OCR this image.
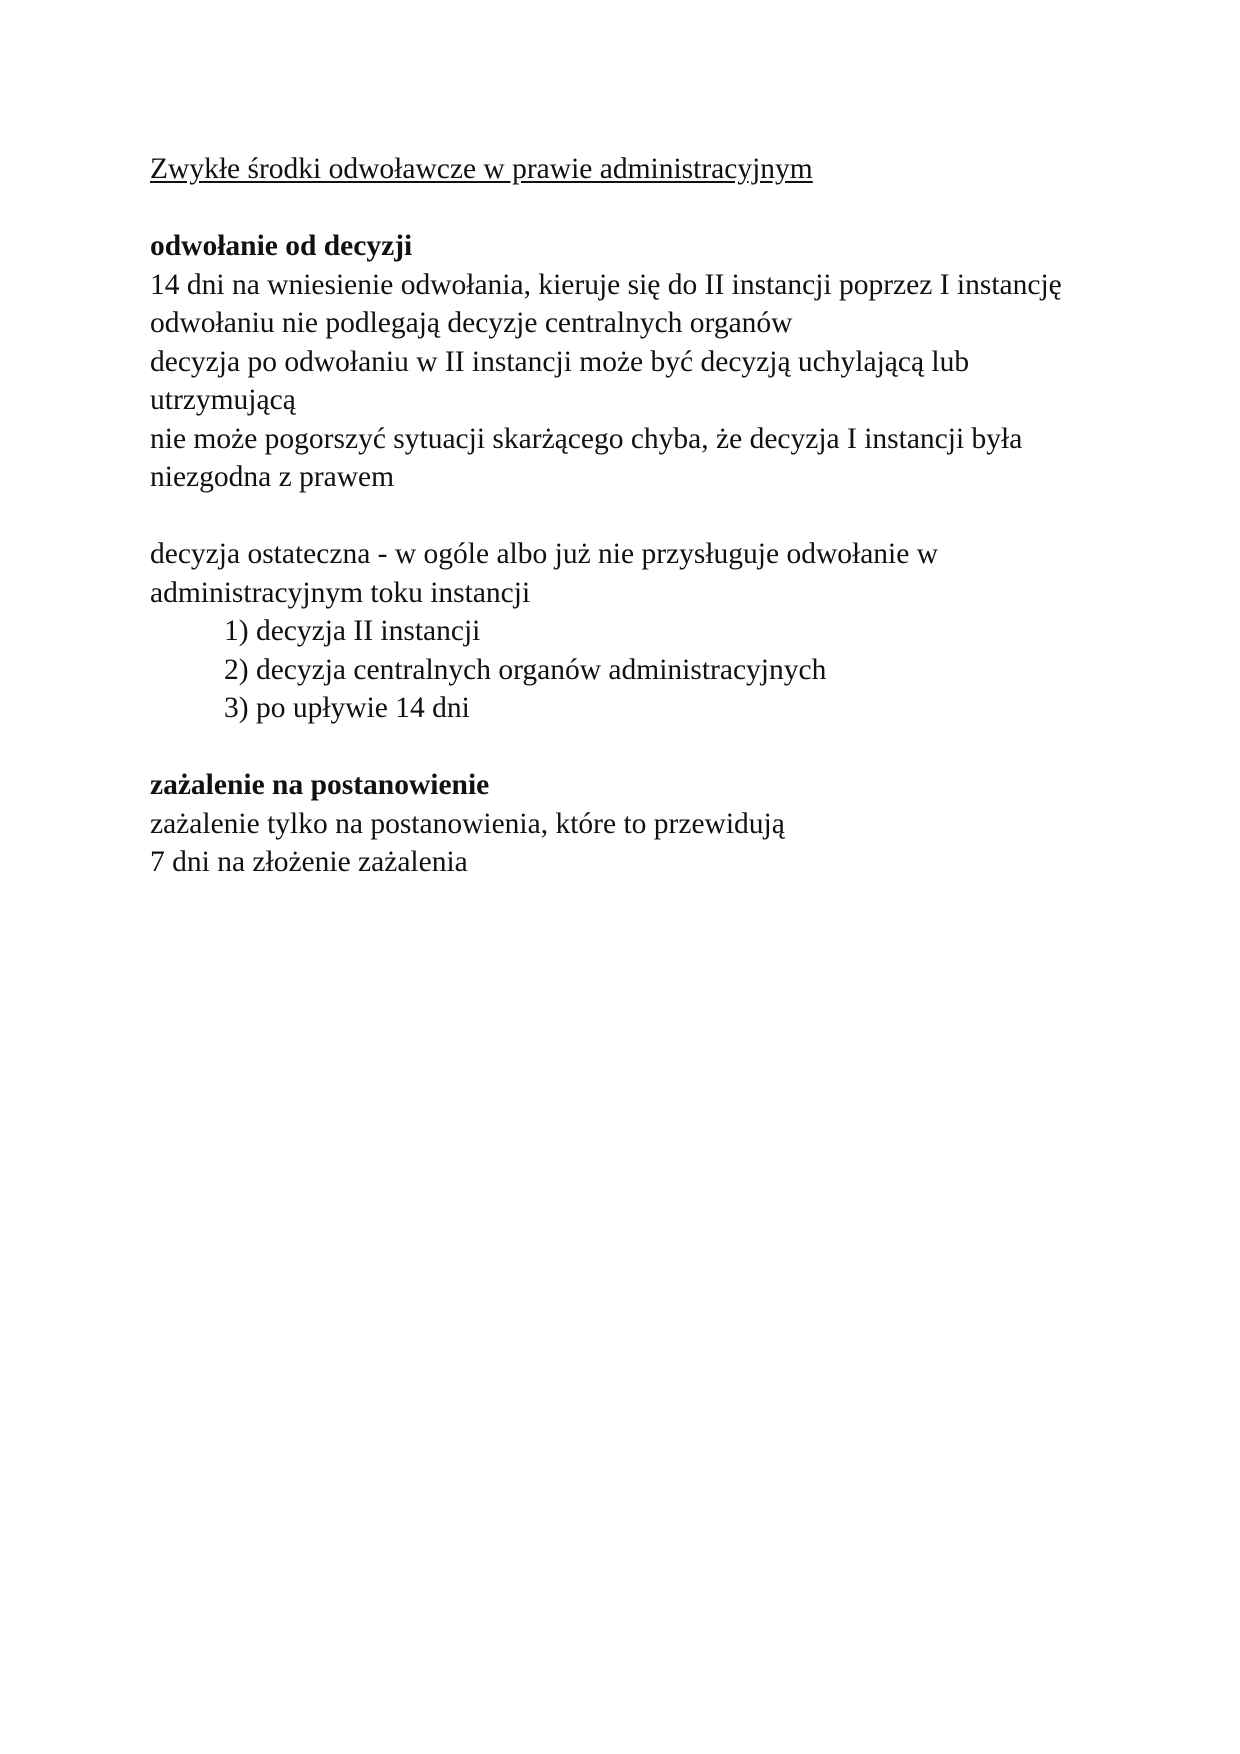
Zwykłe środki odwoławcze w prawie administracyjnym
odwołanie od decyzji

14 dni na wniesienie odwołania, kieruje się do II instancji poprzez I instancję

odwołaniu nie podlegają decyzje centralnych organów

decyzja po odwołaniu w II instancji może być decyzją uchylającą lub utrzymującą

nie może pogorszyć sytuacji skarżącego chyba, że decyzja I instancji była niezgodna z prawem

decyzja ostateczna - w ogóle albo już nie przysługuje odwołanie w administracyjnym toku instancji

1) decyzja II instancji
2) decyzja centralnych organów administracyjnych
3) po upływie 14 dni
zażalenie na postanowienie

zażalenie tylko na postanowienia, które to przewidują

7 dni na złożenie zażalenia
